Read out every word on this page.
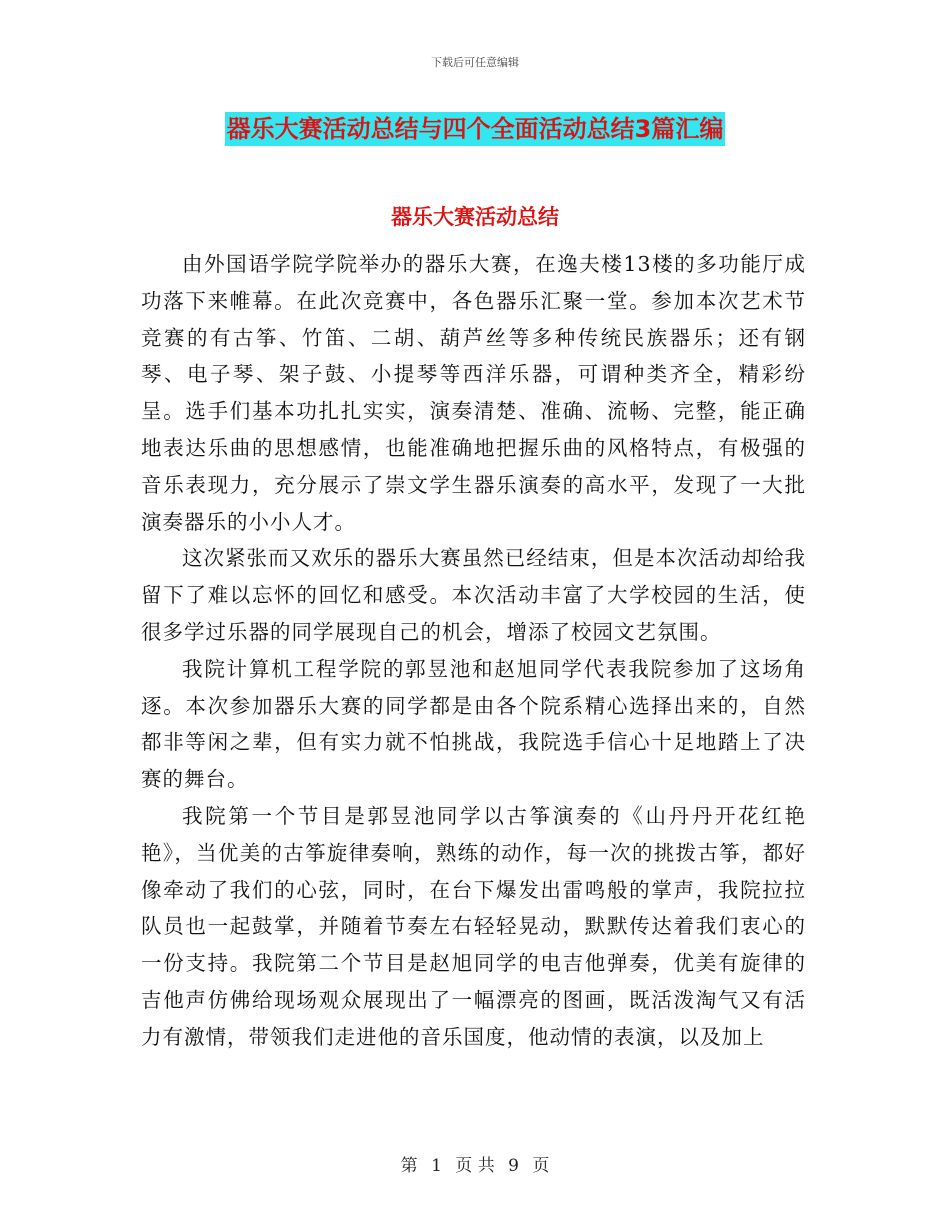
下载后可任意编辑
器乐大赛活动总结与四个全面活动总结3篇汇编
器乐大赛活动总结

由外国语学院学院举办的器乐大赛，在逸夫楼13楼的多功能厅成功落下来帷幕。在此次竞赛中，各色器乐汇聚一堂。参加本次艺术节竞赛的有古筝、竹笛、二胡、葫芦丝等多种传统民族器乐；还有钢琴、电子琴、架子鼓、小提琴等西洋乐器，可谓种类齐全，精彩纷呈。选手们基本功扎扎实实，演奏清楚、准确、流畅、完整，能正确地表达乐曲的思想感情，也能准确地把握乐曲的风格特点，有极强的音乐表现力，充分展示了崇文学生器乐演奏的高水平，发现了一大批演奏器乐的小小人才。

这次紧张而又欢乐的器乐大赛虽然已经结束，但是本次活动却给我留下了难以忘怀的回忆和感受。本次活动丰富了大学校园的生活，使很多学过乐器的同学展现自己的机会，增添了校园文艺氛围。

我院计算机工程学院的郭昱池和赵旭同学代表我院参加了这场角逐。本次参加器乐大赛的同学都是由各个院系精心选择出来的，自然都非等闲之辈，但有实力就不怕挑战，我院选手信心十足地踏上了决赛的舞台。

我院第一个节目是郭昱池同学以古筝演奏的《山丹丹开花红艳艳》，当优美的古筝旋律奏响，熟练的动作，每一次的挑拨古筝，都好像牵动了我们的心弦，同时，在台下爆发出雷鸣般的掌声，我院拉拉队员也一起鼓掌，并随着节奏左右轻轻晃动，默默传达着我们衷心的一份支持。我院第二个节目是赵旭同学的电吉他弹奏，优美有旋律的吉他声仿佛给现场观众展现出了一幅漂亮的图画，既活泼淘气又有活力有激情，带领我们走进他的音乐国度，他动情的表演，以及加上

第 1 页 共 9 页
